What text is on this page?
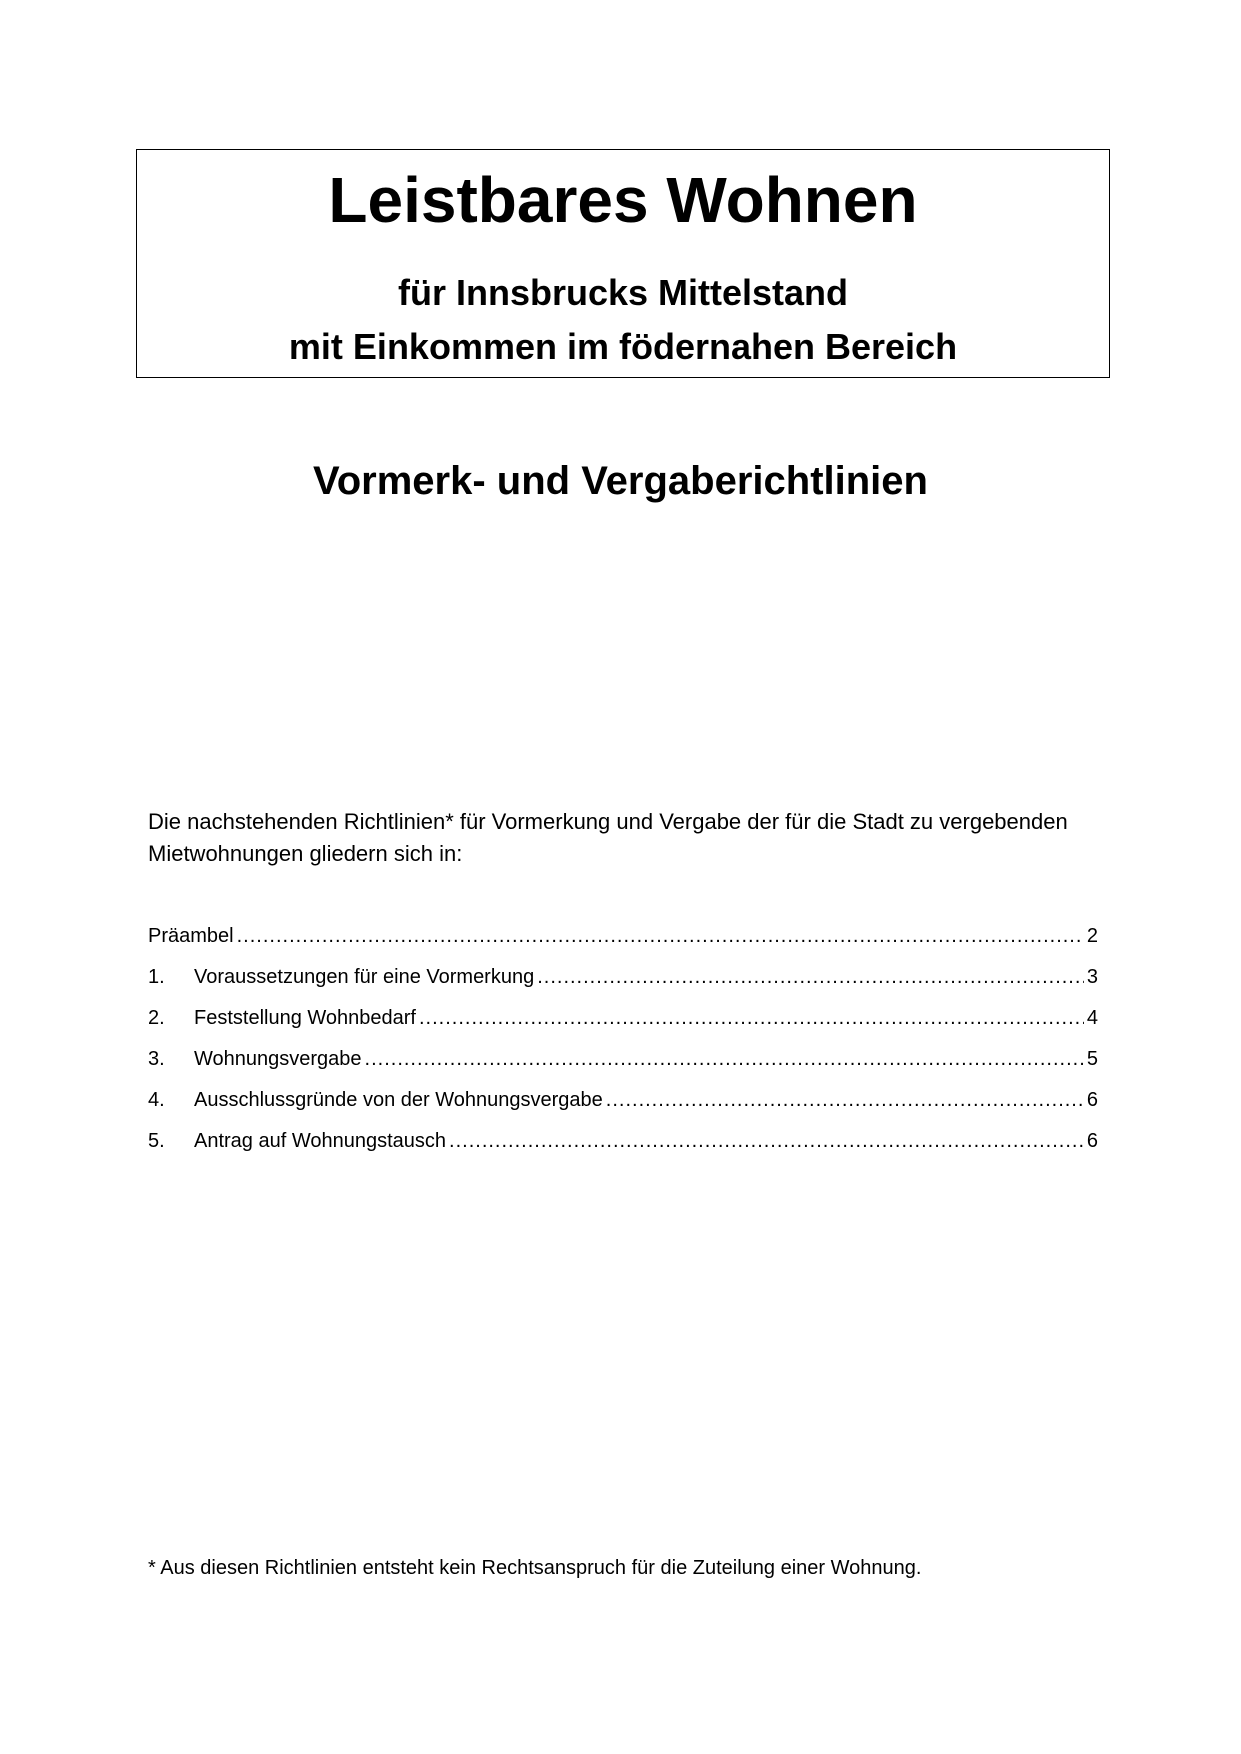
Leistbares Wohnen
für Innsbrucks Mittelstand
mit Einkommen im födernahen Bereich
Vormerk- und Vergaberichtlinien

Die nachstehenden Richtlinien* für Vormerkung und Vergabe der für die Stadt zu vergebenden Mietwohnungen gliedern sich in:

Präambel .....	2
1.	Voraussetzungen für eine Vormerkung .....	3
2.	Feststellung Wohnbedarf .....	4
3.	Wohnungsvergabe .....	5
4.	Ausschlussgründe von der Wohnungsvergabe .....	6
5.	Antrag auf Wohnungstausch .....	6

* Aus diesen Richtlinien entsteht kein Rechtsanspruch für die Zuteilung einer Wohnung.
